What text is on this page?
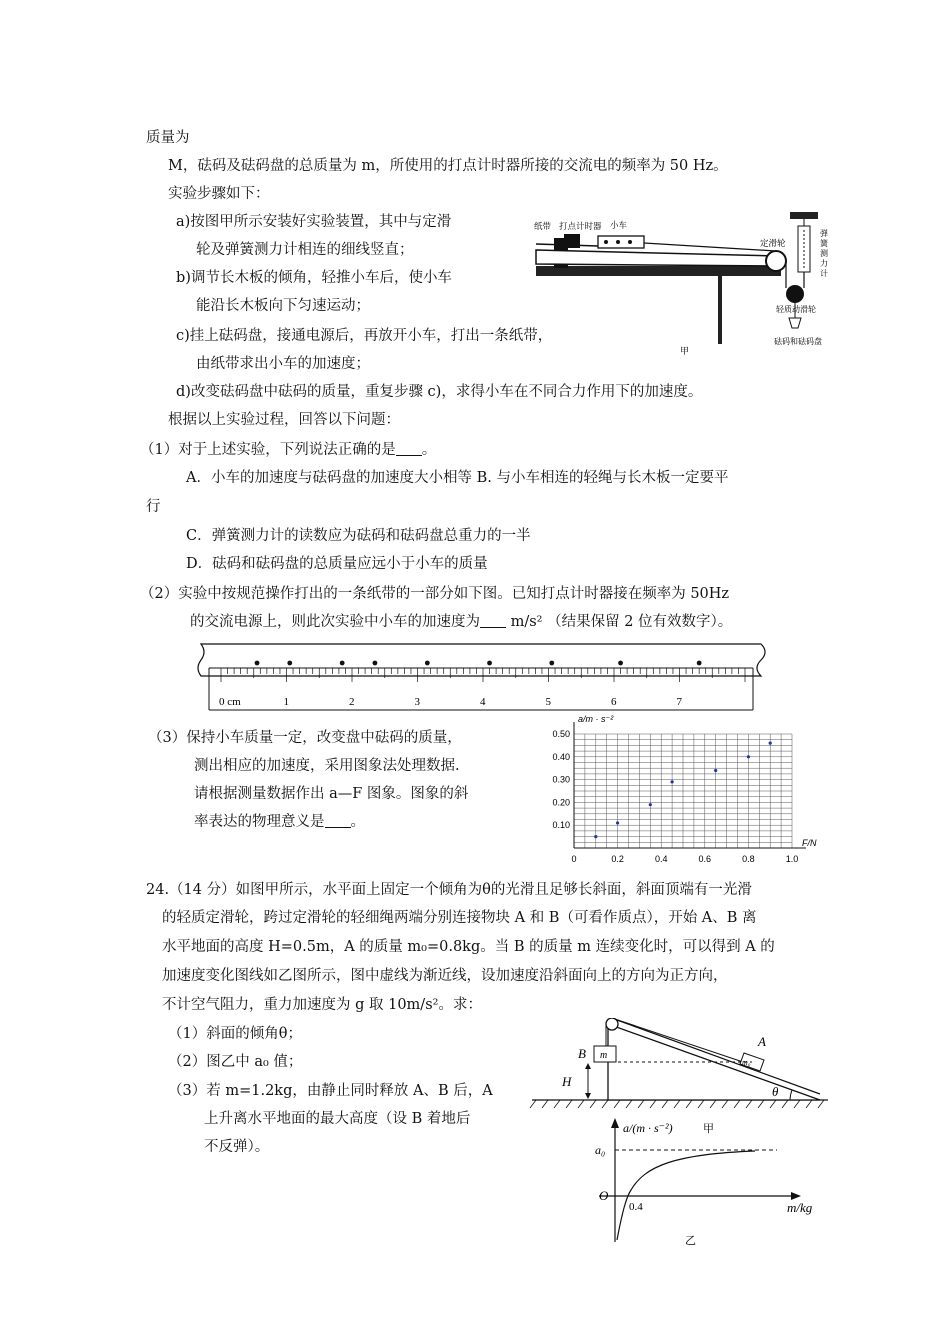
质量为
M，砝码及砝码盘的总质量为 m，所使用的打点计时器所接的交流电的频率为 50 Hz。
实验步骤如下：
a)按图甲所示安装好实验装置，其中与定滑
轮及弹簧测力计相连的细线竖直；
b)调节长木板的倾角，轻推小车后，使小车
能沿长木板向下匀速运动；
c)挂上砝码盘，接通电源后，再放开小车，打出一条纸带，
由纸带求出小车的加速度；
d)改变砝码盘中砝码的质量，重复步骤 c)，求得小车在不同合力作用下的加速度。
根据以上实验过程，回答以下问题：
（1）对于上述实验，下列说法正确的是 。
A．小车的加速度与砝码盘的加速度大小相等 B. 与小车相连的轻绳与长木板一定要平
行
C．弹簧测力计的读数应为砝码和砝码盘总重力的一半
D．砝码和砝码盘的总质量应远小于小车的质量
（2）实验中按规范操作打出的一条纸带的一部分如下图。已知打点计时器接在频率为 50Hz
的交流电源上，则此次实验中小车的加速度为 m/s² （结果保留 2 位有效数字）。
（3）保持小车质量一定，改变盘中砝码的质量，
测出相应的加速度，采用图象法处理数据.
请根据测量数据作出 a—F 图象。图象的斜
率表达的物理意义是 。
24.（14 分）如图甲所示，水平面上固定一个倾角为θ的光滑且足够长斜面，斜面顶端有一光滑
的轻质定滑轮，跨过定滑轮的轻细绳两端分别连接物块 A 和 B（可看作质点），开始 A、B 离
水平地面的高度 H=0.5m，A 的质量 m₀=0.8kg。当 B 的质量 m 连续变化时，可以得到 A 的
加速度变化图线如乙图所示，图中虚线为渐近线，设加速度沿斜面向上的方向为正方向，
不计空气阻力，重力加速度为 g 取 10m/s²。求：
（1）斜面的倾角θ；
（2）图乙中 a₀ 值；
（3）若 m=1.2kg，由静止同时释放 A、B 后，A
上升离水平地面的最大高度（设 B 着地后
不反弹）。
纸带 打点计时器 小车
定滑轮
弹簧测力计
轻质动滑轮
砝码和砝码盘
甲
1	2	3	4	5	6	7
0 cm
0.10
0.20
0.30
0.40
0.50
0	0.2	0.4	0.6	0.8	1.0
a/m · s⁻²
F/N
m
B
m₀
A
H
θ
a/(m · s⁻²)	甲
a₀
O
0.4	m/kg
乙
